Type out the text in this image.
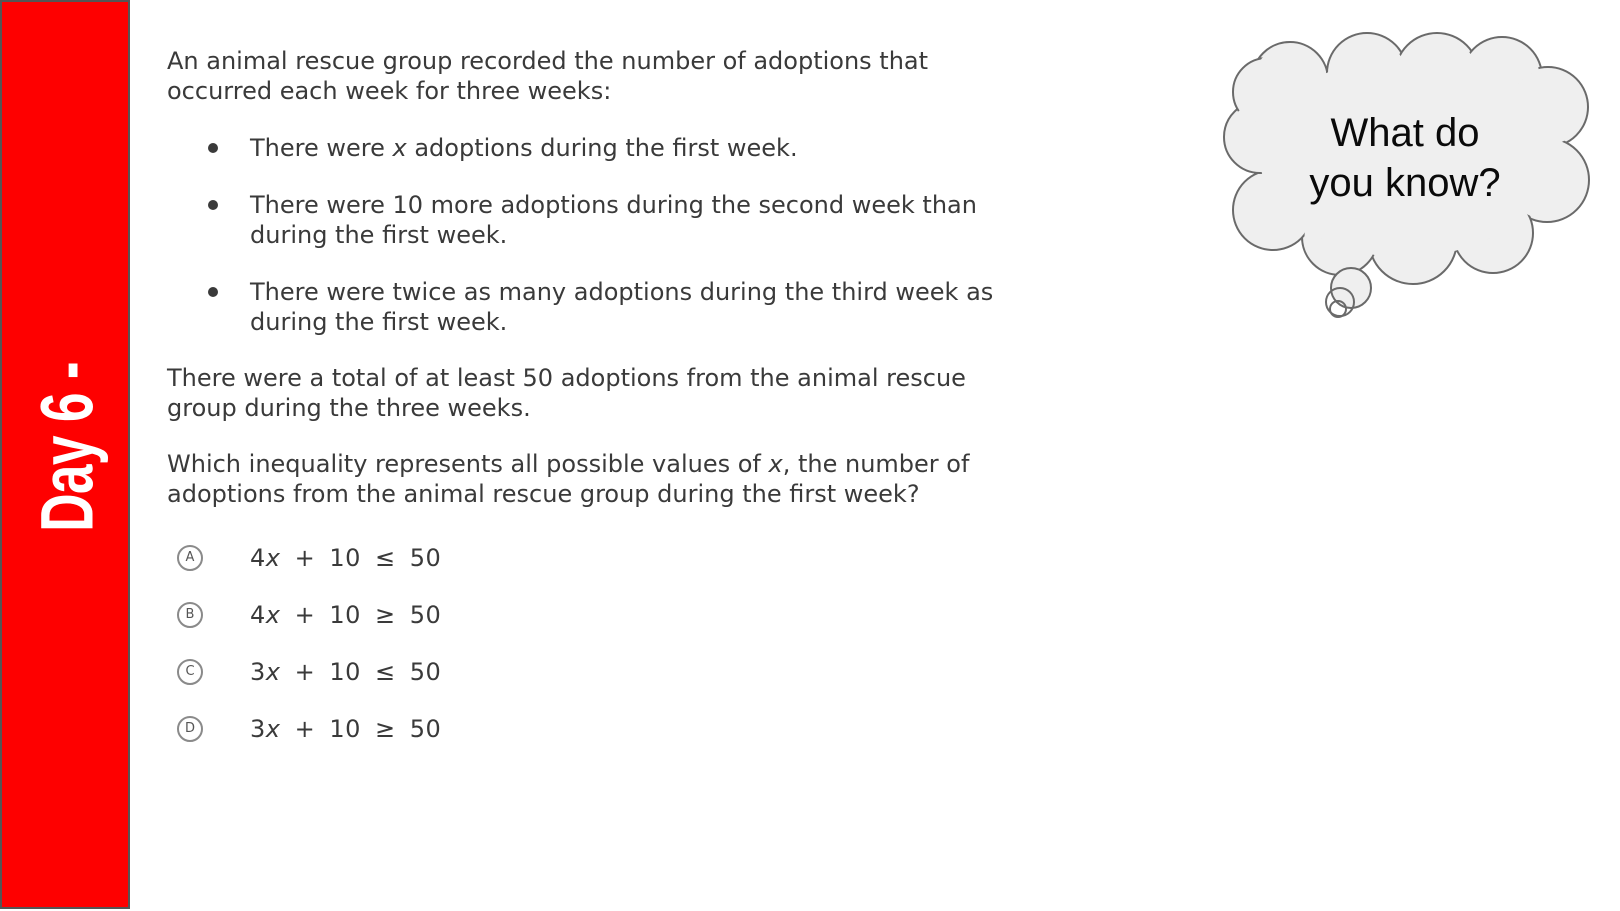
Day 6 -
An animal rescue group recorded the number of adoptions that
occurred each week for three weeks:
There were x adoptions during the first week.
There were 10 more adoptions during the second week than
during the first week.
There were twice as many adoptions during the third week as
during the first week.
There were a total of at least 50 adoptions from the animal rescue
group during the three weeks.
Which inequality represents all possible values of x, the number of
adoptions from the animal rescue group during the first week?
A	4x + 10 ≤ 50
B	4x + 10 ≥ 50
C	3x + 10 ≤ 50
D	3x + 10 ≥ 50
What do
you know?
